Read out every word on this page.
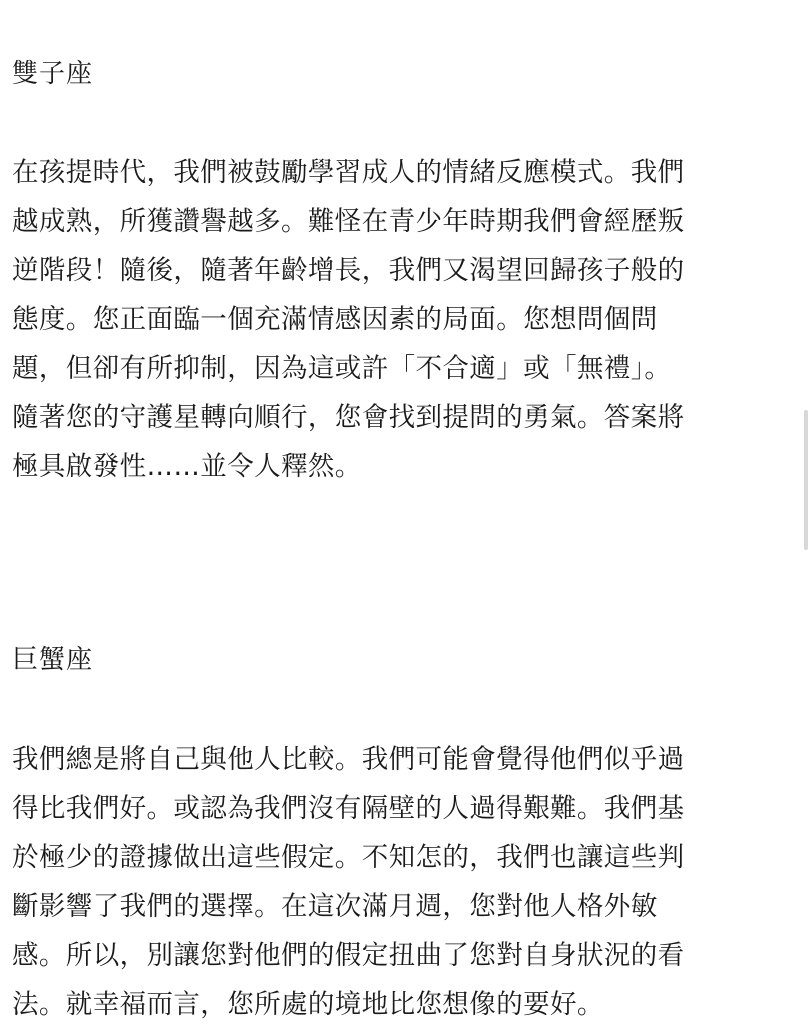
雙子座
在孩提時代，我們被鼓勵學習成人的情緒反應模式。我們
越成熟，所獲讚譽越多。難怪在青少年時期我們會經歷叛
逆階段！隨後，隨著年齡增長，我們又渴望回歸孩子般的
態度。您正面臨一個充滿情感因素的局面。您想問個問
題，但卻有所抑制，因為這或許「不合適」或「無禮」。
隨著您的守護星轉向順行，您會找到提問的勇氣。答案將
極具啟發性……並令人釋然。
巨蟹座
我們總是將自己與他人比較。我們可能會覺得他們似乎過
得比我們好。或認為我們沒有隔壁的人過得艱難。我們基
於極少的證據做出這些假定。不知怎的，我們也讓這些判
斷影響了我們的選擇。在這次滿月週，您對他人格外敏
感。所以，別讓您對他們的假定扭曲了您對自身狀況的看
法。就幸福而言，您所處的境地比您想像的要好。
